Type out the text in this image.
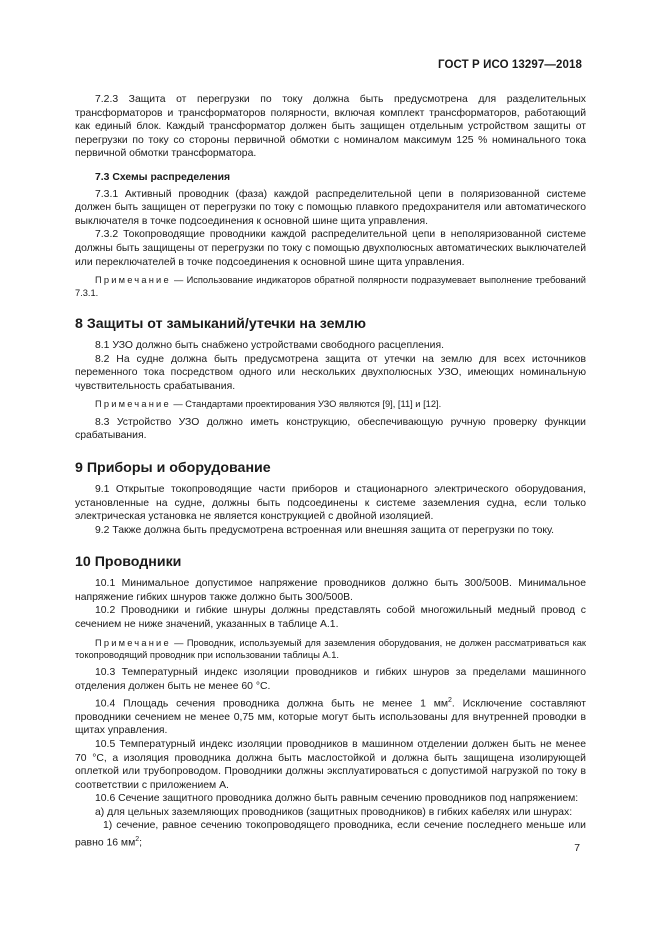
ГОСТ Р ИСО 13297—2018

7.2.3 Защита от перегрузки по току должна быть предусмотрена для разделительных трансформаторов и трансформаторов полярности, включая комплект трансформаторов, работающий как единый блок. Каждый трансформатор должен быть защищен отдельным устройством защиты от перегрузки по току со стороны первичной обмотки с номиналом максимум 125 % номинального тока первичной обмотки трансформатора.

7.3 Схемы распределения

7.3.1 Активный проводник (фаза) каждой распределительной цепи в поляризованной системе должен быть защищен от перегрузки по току с помощью плавкого предохранителя или автоматического выключателя в точке подсоединения к основной шине щита управления.

7.3.2 Токопроводящие проводники каждой распределительной цепи в неполяризованной системе должны быть защищены от перегрузки по току с помощью двухполюсных автоматических выключателей или переключателей в точке подсоединения к основной шине щита управления.

Примечание — Использование индикаторов обратной полярности подразумевает выполнение требований 7.3.1.
8 Защиты от замыканий/утечки на землю

8.1 УЗО должно быть снабжено устройствами свободного расцепления.

8.2 На судне должна быть предусмотрена защита от утечки на землю для всех источников переменного тока посредством одного или нескольких двухполюсных УЗО, имеющих номинальную чувствительность срабатывания.

Примечание — Стандартами проектирования УЗО являются [9], [11] и [12].

8.3 Устройство УЗО должно иметь конструкцию, обеспечивающую ручную проверку функции срабатывания.

9 Приборы и оборудование

9.1 Открытые токопроводящие части приборов и стационарного электрического оборудования, установленные на судне, должны быть подсоединены к системе заземления судна, если только электрическая установка не является конструкцией с двойной изоляцией.

9.2 Также должна быть предусмотрена встроенная или внешняя защита от перегрузки по току.

10 Проводники

10.1 Минимальное допустимое напряжение проводников должно быть 300/500В. Минимальное напряжение гибких шнуров также должно быть 300/500В.

10.2 Проводники и гибкие шнуры должны представлять собой многожильный медный провод с сечением не ниже значений, указанных в таблице А.1.

Примечание — Проводник, используемый для заземления оборудования, не должен рассматриваться как токопроводящий проводник при использовании таблицы А.1.

10.3 Температурный индекс изоляции проводников и гибких шнуров за пределами машинного отделения должен быть не менее 60 °С.

10.4 Площадь сечения проводника должна быть не менее 1 $мм^2$. Исключение составляют проводники сечением не менее 0,75 мм, которые могут быть использованы для внутренней проводки в щитах управления.

10.5 Температурный индекс изоляции проводников в машинном отделении должен быть не менее 70 °С, а изоляция проводника должна быть маслостойкой и должна быть защищена изолирующей оплеткой или трубопроводом. Проводники должны эксплуатироваться с допустимой нагрузкой по току в соответствии с приложением А.

10.6 Сечение защитного проводника должно быть равным сечению проводников под напряжением:

а) для цельных заземляющих проводников (защитных проводников) в гибких кабелях или шнурах:

1) сечение, равное сечению токопроводящего проводника, если сечение последнего меньше или равно 16 $мм^2$;	7
